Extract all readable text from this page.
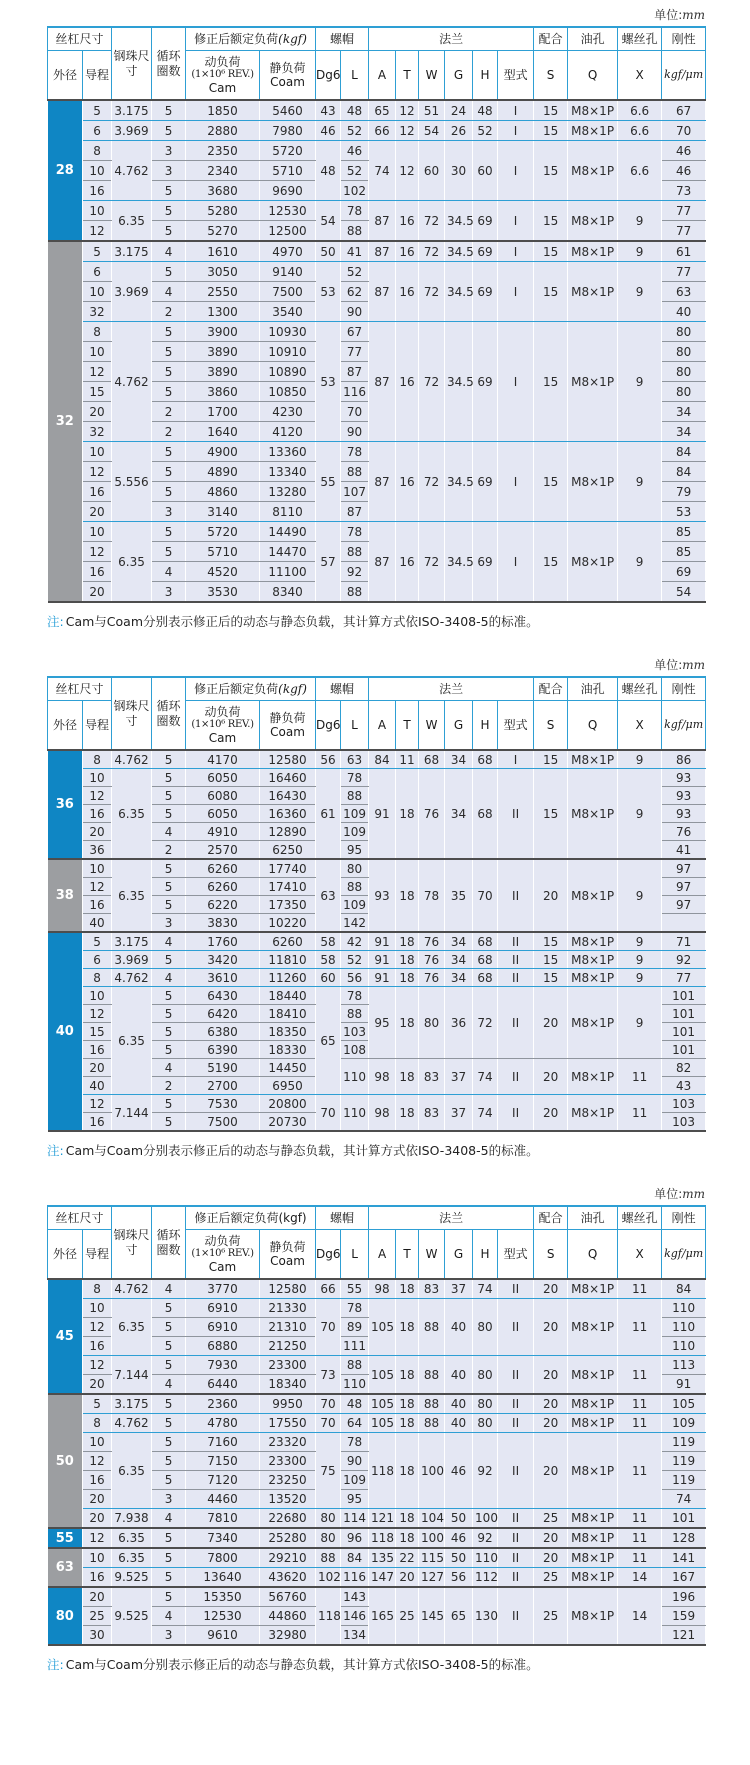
单位:mm
丝杠尺寸		钢珠尺寸	循环圈数	修正后额定负荷(kgf)		螺帽		法兰						配合	油孔	螺丝孔	刚性

外径	导程			动负荷
(1×10⁶ REV.)
Cam	静负荷
Coam	Dg6	L	A	T	W	G	H	型式	S	Q	X	kgf/μm

28	5	3.175	5	1850	5460	43	48	65	12	51	24	48	I	15	M8×1P	6.6	67
	6	3.969	5	2880	7980	46	52	66	12	54	26	52	I	15	M8×1P	6.6	70
	8	4.762	3	2350	5720	48	46	74	12	60	30	60	I	15	M8×1P	6.6	46
	10		3	2340	5710		52										46
	16		5	3680	9690		102										73
	10	6.35	5	5280	12530	54	78	87	16	72	34.5	69	I	15	M8×1P	9	77
	12		5	5270	12500		88										77
32	5	3.175	4	1610	4970	50	41	87	16	72	34.5	69	I	15	M8×1P	9	61
	6	3.969	5	3050	9140	53	52	87	16	72	34.5	69	I	15	M8×1P	9	77
	10		4	2550	7500		62										63
	32		2	1300	3540		90										40
	8	4.762	5	3900	10930	53	67	87	16	72	34.5	69	I	15	M8×1P	9	80
	10		5	3890	10910		77										80
	12		5	3890	10890		87										80
	15		5	3860	10850		116										80
	20		2	1700	4230		70										34
	32		2	1640	4120		90										34
	10	5.556	5	4900	13360	55	78	87	16	72	34.5	69	I	15	M8×1P	9	84
	12		5	4890	13340		88										84
	16		5	4860	13280		107										79
	20		3	3140	8110		87										53
	10	6.35	5	5720	14490	57	78	87	16	72	34.5	69	I	15	M8×1P	9	85
	12		5	5710	14470		88										85
	16		4	4520	11100		92										69
	20		3	3530	8340		88										54

注: Cam与Coam分别表示修正后的动态与静态负载，其计算方式依ISO-3408-5的标准。

单位:mm
丝杠尺寸		钢珠尺寸	循环圈数	修正后额定负荷(kgf)		螺帽		法兰						配合	油孔	螺丝孔	刚性

外径	导程			动负荷
(1×10⁶ REV.)
Cam	静负荷
Coam	Dg6	L	A	T	W	G	H	型式	S	Q	X	kgf/μm

36	8	4.762	5	4170	12580	56	63	84	11	68	34	68	I	15	M8×1P	9	86
	10	6.35	5	6050	16460	61	78	91	18	76	34	68	II	15	M8×1P	9	93
	12		5	6080	16430		88										93
	16		5	6050	16360		109										93
	20		4	4910	12890		109										76
	36		2	2570	6250		95										41
38	10	6.35	5	6260	17740	63	80	93	18	78	35	70	II	20	M8×1P	9	97
	12		5	6260	17410		88										97
	16		5	6220	17350		109										97
	40		3	3830	10220		142										
40	5	3.175	4	1760	6260	58	42	91	18	76	34	68	II	15	M8×1P	9	71
	6	3.969	5	3420	11810	58	52	91	18	76	34	68	II	15	M8×1P	9	92
	8	4.762	4	3610	11260	60	56	91	18	76	34	68	II	15	M8×1P	9	77
	10	6.35	5	6430	18440	65	78	95	18	80	36	72	II	20	M8×1P	9	101
	12		5	6420	18410		88										101
	15		5	6380	18350		103										101
	16		5	6390	18330		108										101
	20		4	5190	14450		110	98	18	83	37	74	II	20	M8×1P	11	82
	40		2	2700	6950												43
	12	7.144	5	7530	20800	70	110	98	18	83	37	74	II	20	M8×1P	11	103
	16		5	7500	20730												103

注: Cam与Coam分别表示修正后的动态与静态负载，其计算方式依ISO-3408-5的标准。

单位:mm
丝杠尺寸		钢珠尺寸	循环圈数	修正后额定负荷(kgf)		螺帽		法兰						配合	油孔	螺丝孔	刚性

外径	导程			动负荷
(1×10⁶ REV.)
Cam	静负荷
Coam	Dg6	L	A	T	W	G	H	型式	S	Q	X	kgf/μm

45	8	4.762	4	3770	12580	66	55	98	18	83	37	74	II	20	M8×1P	11	84
	10	6.35	5	6910	21330	70	78	105	18	88	40	80	II	20	M8×1P	11	110
	12		5	6910	21310		89										110
	16		5	6880	21250		111										110
	12	7.144	5	7930	23300	73	88	105	18	88	40	80	II	20	M8×1P	11	113
	20		4	6440	18340		110										91
50	5	3.175	5	2360	9950	70	48	105	18	88	40	80	II	20	M8×1P	11	105
	8	4.762	5	4780	17550	70	64	105	18	88	40	80	II	20	M8×1P	11	109
	10	6.35	5	7160	23320	75	78	118	18	100	46	92	II	20	M8×1P	11	119
	12		5	7150	23300		90										119
	16		5	7120	23250		109										119
	20		3	4460	13520		95										74
	20	7.938	4	7810	22680	80	114	121	18	104	50	100	II	25	M8×1P	11	101
55	12	6.35	5	7340	25280	80	96	118	18	100	46	92	II	20	M8×1P	11	128
63	10	6.35	5	7800	29210	88	84	135	22	115	50	110	II	20	M8×1P	11	141
	16	9.525	5	13640	43620	102	116	147	20	127	56	112	II	25	M8×1P	14	167
80	20	9.525	5	15350	56760	118	143	165	25	145	65	130	II	25	M8×1P	14	196
	25		4	12530	44860		146										159
	30		3	9610	32980		134										121

注: Cam与Coam分别表示修正后的动态与静态负载，其计算方式依ISO-3408-5的标准。
